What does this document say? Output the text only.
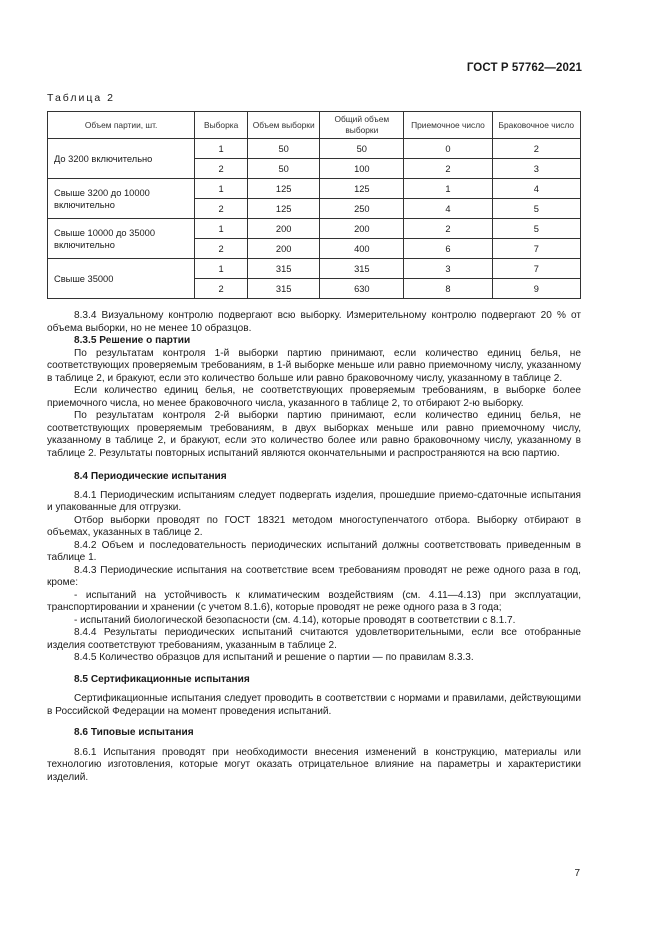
ГОСТ Р 57762—2021
Таблица 2
Объем партии, шт.	Выборка	Объем выборки	Общий объем выборки	Приемочное число	Браковочное число
До 3200 включительно	1	50	50	0	2
	2	50	100	2	3
Свыше 3200 до 10000 включительно	1	125	125	1	4
	2	125	250	4	5
Свыше 10000 до 35000 включительно	1	200	200	2	5
	2	200	400	6	7
Свыше 35000	1	315	315	3	7
	2	315	630	8	9

8.3.4 Визуальному контролю подвергают всю выборку. Измерительному контролю подвергают 20 % от объема выборки, но не менее 10 образцов.

8.3.5 Решение о партии

По результатам контроля 1-й выборки партию принимают, если количество единиц белья, не соответствующих проверяемым требованиям, в 1-й выборке меньше или равно приемочному числу, указанному в таблице 2, и бракуют, если это количество больше или равно браковочному числу, указанному в таблице 2.

Если количество единиц белья, не соответствующих проверяемым требованиям, в выборке более приемочного числа, но менее браковочного числа, указанного в таблице 2, то отбирают 2-ю выборку.

По результатам контроля 2-й выборки партию принимают, если количество единиц белья, не соответствующих проверяемым требованиям, в двух выборках меньше или равно приемочному числу, указанному в таблице 2, и бракуют, если это количество более или равно браковочному числу, указанному в таблице 2. Результаты повторных испытаний являются окончательными и распространяются на всю партию.

8.4 Периодические испытания

8.4.1 Периодическим испытаниям следует подвергать изделия, прошедшие приемо-сдаточные испытания и упакованные для отгрузки.

Отбор выборки проводят по ГОСТ 18321 методом многоступенчатого отбора. Выборку отбирают в объемах, указанных в таблице 2.

8.4.2 Объем и последовательность периодических испытаний должны соответствовать приведенным в таблице 1.

8.4.3 Периодические испытания на соответствие всем требованиям проводят не реже одного раза в год, кроме:

- испытаний на устойчивость к климатическим воздействиям (см. 4.11—4.13) при эксплуатации, транспортировании и хранении (с учетом 8.1.6), которые проводят не реже одного раза в 3 года;

- испытаний биологической безопасности (см. 4.14), которые проводят в соответствии с 8.1.7.

8.4.4 Результаты периодических испытаний считаются удовлетворительными, если все отобранные изделия соответствуют требованиям, указанным в таблице 2.

8.4.5 Количество образцов для испытаний и решение о партии — по правилам 8.3.3.

8.5 Сертификационные испытания

Сертификационные испытания следует проводить в соответствии с нормами и правилами, действующими в Российской Федерации на момент проведения испытаний.

8.6 Типовые испытания

8.6.1 Испытания проводят при необходимости внесения изменений в конструкцию, материалы или технологию изготовления, которые могут оказать отрицательное влияние на параметры и характеристики изделий.

7
